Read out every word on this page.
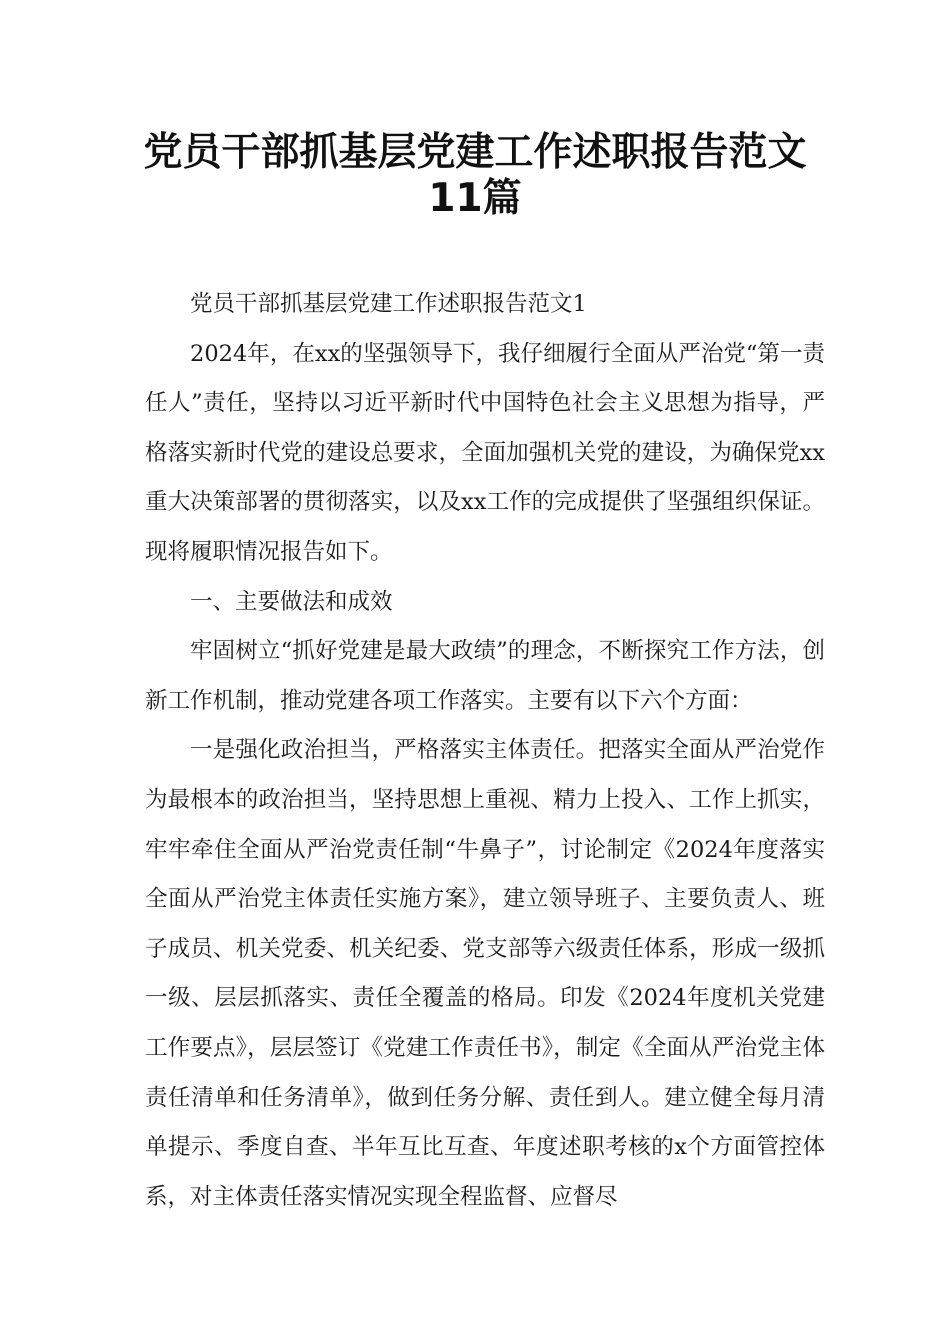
党员干部抓基层党建工作述职报告范文
11篇

党员干部抓基层党建工作述职报告范文1

2024年，在xx的坚强领导下，我仔细履行全面从严治党“第一责任人”责任，坚持以习近平新时代中国特色社会主义思想为指导，严格落实新时代党的建设总要求，全面加强机关党的建设，为确保党xx重大决策部署的贯彻落实，以及xx工作的完成提供了坚强组织保证。现将履职情况报告如下。

一、主要做法和成效

牢固树立“抓好党建是最大政绩”的理念，不断探究工作方法，创新工作机制，推动党建各项工作落实。主要有以下六个方面：

一是强化政治担当，严格落实主体责任。把落实全面从严治党作为最根本的政治担当，坚持思想上重视、精力上投入、工作上抓实，牢牢牵住全面从严治党责任制“牛鼻子”，讨论制定《2024年度落实全面从严治党主体责任实施方案》，建立领导班子、主要负责人、班子成员、机关党委、机关纪委、党支部等六级责任体系，形成一级抓一级、层层抓落实、责任全覆盖的格局。印发《2024年度机关党建工作要点》，层层签订《党建工作责任书》，制定《全面从严治党主体责任清单和任务清单》，做到任务分解、责任到人。建立健全每月清单提示、季度自查、半年互比互查、年度述职考核的x个方面管控体系，对主体责任落实情况实现全程监督、应督尽
